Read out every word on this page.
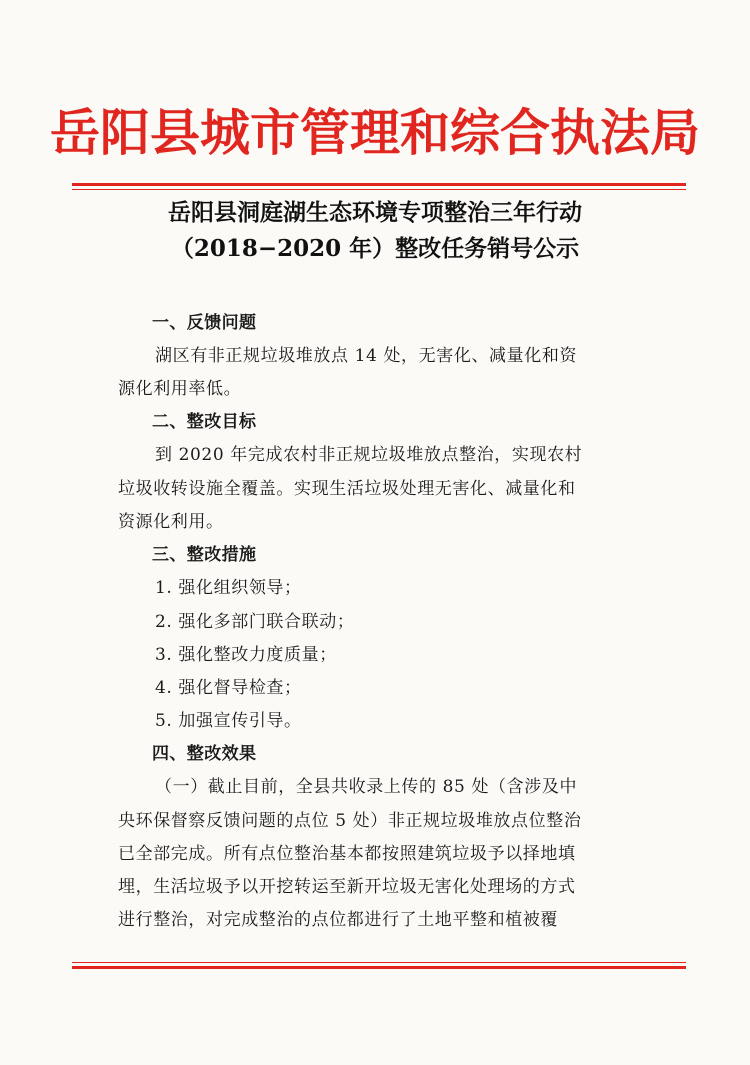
岳阳县城市管理和综合执法局
岳阳县洞庭湖生态环境专项整治三年行动
（2018−2020 年）整改任务销号公示
一、反馈问题
湖区有非正规垃圾堆放点 14 处，无害化、减量化和资
源化利用率低。
二、整改目标
到 2020 年完成农村非正规垃圾堆放点整治，实现农村
垃圾收转设施全覆盖。实现生活垃圾处理无害化、减量化和
资源化利用。
三、整改措施
1. 强化组织领导；
2. 强化多部门联合联动；
3. 强化整改力度质量；
4. 强化督导检查；
5. 加强宣传引导。
四、整改效果
（一）截止目前，全县共收录上传的 85 处（含涉及中
央环保督察反馈问题的点位 5 处）非正规垃圾堆放点位整治
已全部完成。所有点位整治基本都按照建筑垃圾予以择地填
埋，生活垃圾予以开挖转运至新开垃圾无害化处理场的方式
进行整治，对完成整治的点位都进行了土地平整和植被覆
